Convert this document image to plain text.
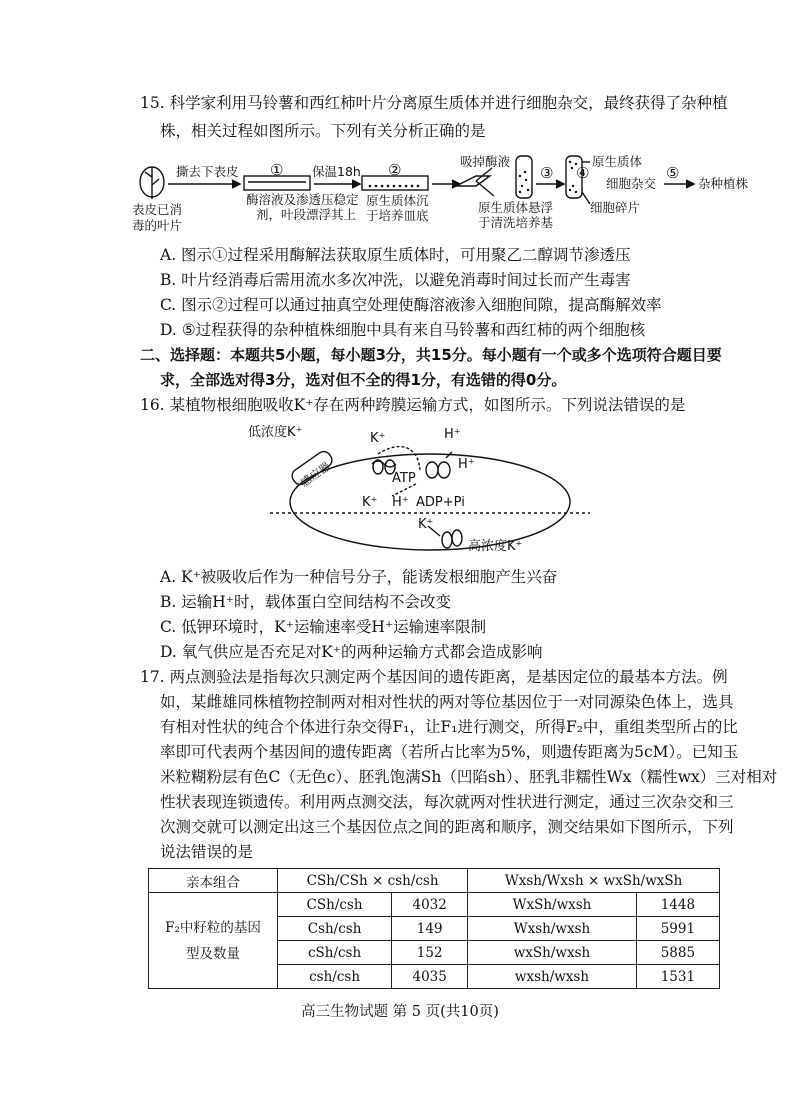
15. 科学家利用马铃薯和西红柿叶片分离原生质体并进行细胞杂交，最终获得了杂种植
株，相关过程如图所示。下列有关分析正确的是
表皮已消
毒的叶片
撕去下表皮 ①
酶溶液及渗透压稳定
剂，叶段漂浮其上
保温18h ②
原生质体沉
于培养皿底
吸掉酶液
原生质体悬浮
于清洗培养基
③ ④
原生质体
细胞碎片
细胞杂交
⑤
杂种植株
A. 图示①过程采用酶解法获取原生质体时，可用聚乙二醇调节渗透压
B. 叶片经消毒后需用流水多次冲洗，以避免消毒时间过长而产生毒害
C. 图示②过程可以通过抽真空处理使酶溶液渗入细胞间隙，提高酶解效率
D. ⑤过程获得的杂种植株细胞中具有来自马铃薯和西红柿的两个细胞核
二、选择题：本题共5小题，每小题3分，共15分。每小题有一个或多个选项符合题目要
求，全部选对得3分，选对但不全的得1分，有选错的得0分。
16. 某植物根细胞吸收K⁺存在两种跨膜运输方式，如图所示。下列说法错误的是
低浓度K⁺
感应器
K⁺	H⁺
H⁺
ATP
K⁺ H⁺ ADP+Pi
K⁺
高浓度K⁺
A. K⁺被吸收后作为一种信号分子，能诱发根细胞产生兴奋
B. 运输H⁺时，载体蛋白空间结构不会改变
C. 低钾环境时，K⁺运输速率受H⁺运输速率限制
D. 氧气供应是否充足对K⁺的两种运输方式都会造成影响
17. 两点测验法是指每次只测定两个基因间的遗传距离，是基因定位的最基本方法。例
如，某雌雄同株植物控制两对相对性状的两对等位基因位于一对同源染色体上，选具
有相对性状的纯合个体进行杂交得F₁，让F₁进行测交，所得F₂中，重组类型所占的比
率即可代表两个基因间的遗传距离（若所占比率为5%，则遗传距离为5cM）。已知玉
米粒糊粉层有色C（无色c）、胚乳饱满Sh（凹陷sh）、胚乳非糯性Wx（糯性wx）三对相对
性状表现连锁遗传。利用两点测交法，每次就两对性状进行测定，通过三次杂交和三
次测交就可以测定出这三个基因位点之间的距离和顺序，测交结果如下图所示，下列
说法错误的是
亲本组合	CSh/CSh × csh/csh		Wxsh/Wxsh × wxSh/wxSh	
F₂中籽粒的基因
型及数量	CSh/csh	4032	WxSh/wxsh	1448
	Csh/csh	149	Wxsh/wxsh	5991
	cSh/csh	152	wxSh/wxsh	5885
	csh/csh	4035	wxsh/wxsh	1531
高三生物试题 第 5 页(共10页)
